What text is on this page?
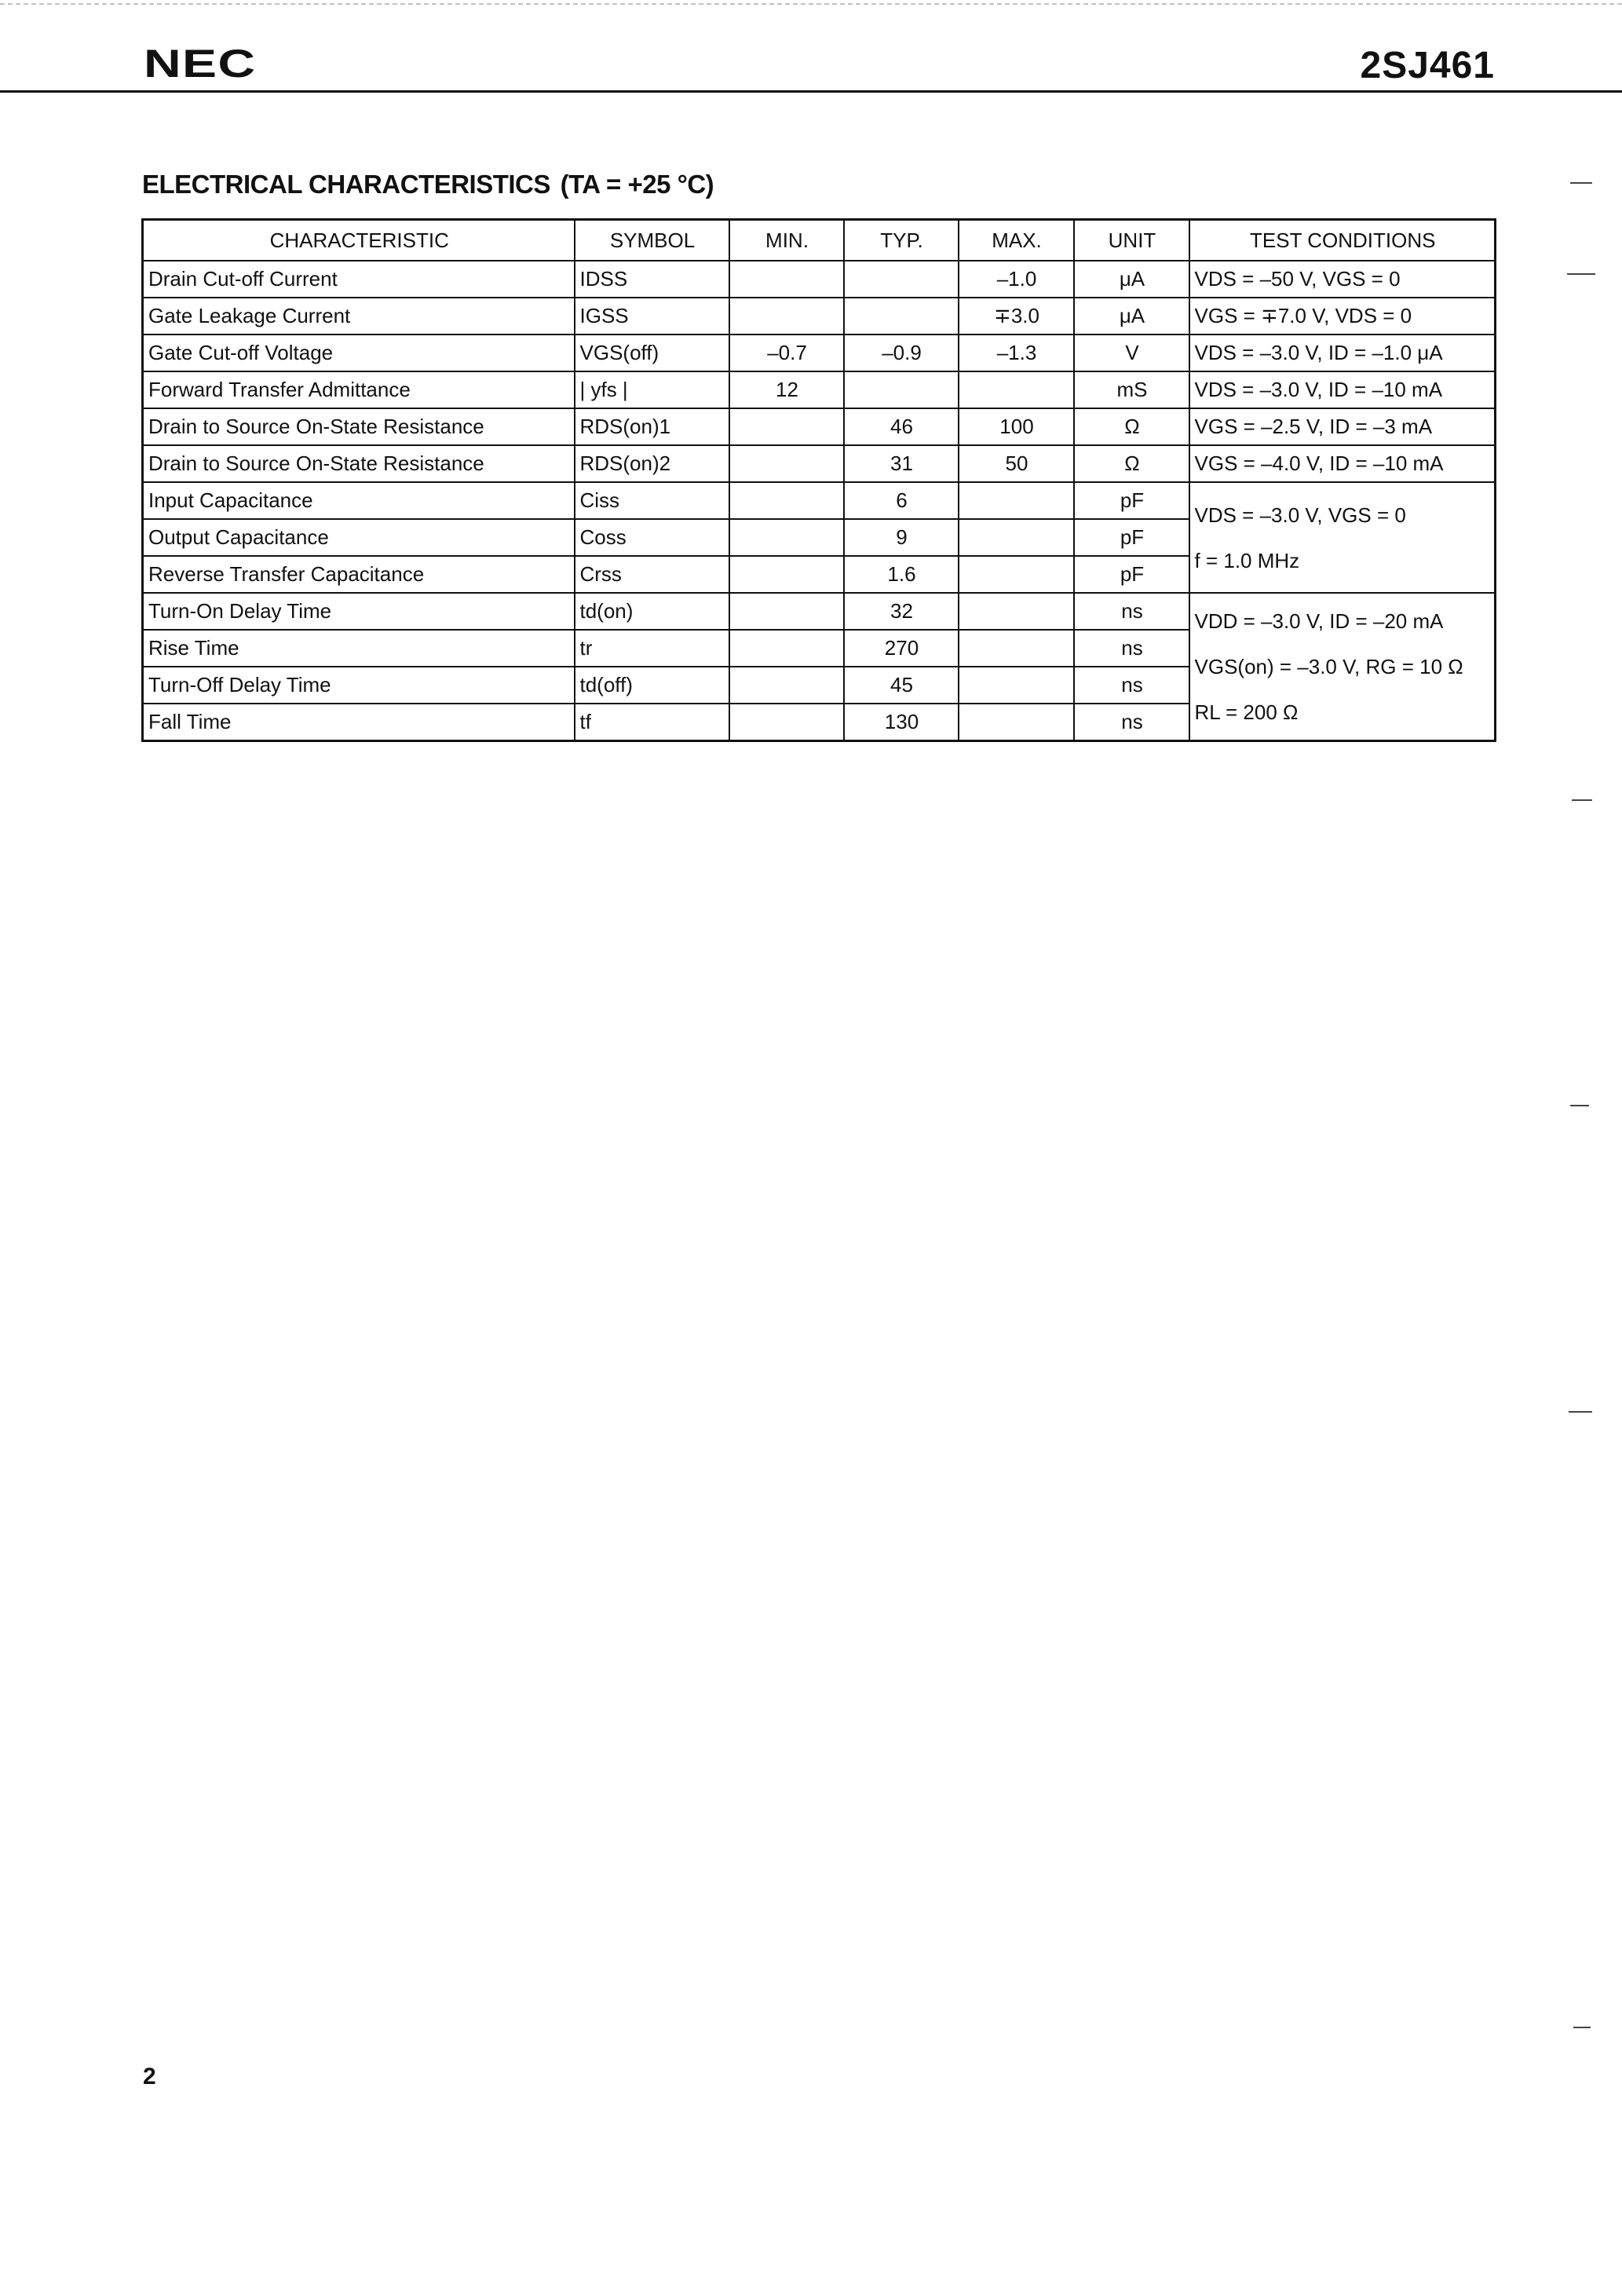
NEC	2SJ461
ELECTRICAL CHARACTERISTICS (TA = +25 °C)
CHARACTERISTIC	SYMBOL	MIN.	TYP.	MAX.	UNIT	TEST CONDITIONS
Drain Cut-off Current	IDSS			–1.0	μA	VDS = –50 V, VGS = 0
Gate Leakage Current	IGSS			∓3.0	μA	VGS = ∓7.0 V, VDS = 0
Gate Cut-off Voltage	VGS(off)	–0.7	–0.9	–1.3	V	VDS = –3.0 V, ID = –1.0 μA
Forward Transfer Admittance	| yfs |	12			mS	VDS = –3.0 V, ID = –10 mA
Drain to Source On-State Resistance	RDS(on)1		46	100	Ω	VGS = –2.5 V, ID = –3 mA
Drain to Source On-State Resistance	RDS(on)2		31	50	Ω	VGS = –4.0 V, ID = –10 mA
Input Capacitance	Ciss		6		pF	VDS = –3.0 V, VGS = 0
f = 1.0 MHz

Output Capacitance	Coss		9		pF	
Reverse Transfer Capacitance	Crss		1.6		pF	
Turn-On Delay Time	td(on)		32		ns	VDD = –3.0 V, ID = –20 mA
VGS(on) = –3.0 V, RG = 10 Ω
RL = 200 Ω

Rise Time	tr		270		ns	
Turn-Off Delay Time	td(off)		45		ns	
Fall Time	tf		130		ns	
2
